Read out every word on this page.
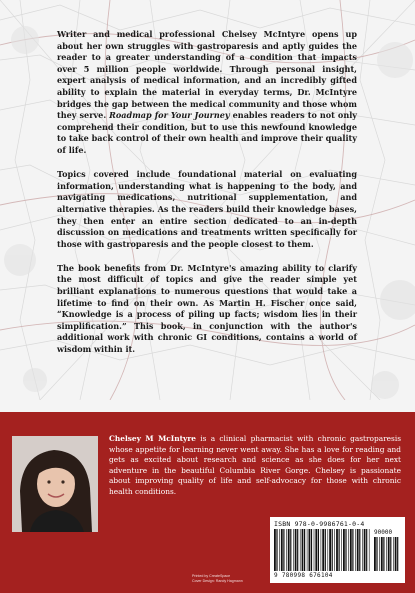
Writer and medical professional Chelsey McIntyre opens up about her own struggles with gastroparesis and aptly guides the reader to a greater understanding of a condition that impacts over 5 million people worldwide. Through personal insight, expert analysis of medical information, and an incredibly gifted ability to explain the material in everyday terms, Dr. McIntyre bridges the gap between the medical community and those whom they serve. Roadmap for Your Journey enables readers to not only comprehend their condition, but to use this newfound knowledge to take back control of their own health and improve their quality of life.

Topics covered include foundational material on evaluating information, understanding what is happening to the body, and navigating medications, nutritional supplementation, and alternative therapies. As the readers build their knowledge bases, they then enter an entire section dedicated to an in-depth discussion on medications and treatments written specifically for those with gastroparesis and the people closest to them.

The book benefits from Dr. McIntyre's amazing ability to clarify the most difficult of topics and give the reader simple yet brilliant explanations to numerous questions that would take a lifetime to find on their own. As Martin H. Fischer once said, “Knowledge is a process of piling up facts; wisdom lies in their simplification.” This book, in conjunction with the author's additional work with chronic GI conditions, contains a world of wisdom within it.

Chelsey M McIntyre is a clinical pharmacist with chronic gastroparesis whose appetite for learning never went away. She has a love for reading and gets as excited about research and science as she does for her next adventure in the beautiful Columbia River Gorge. Chelsey is passionate about improving quality of life and self-advocacy for those with chronic health conditions.
ISBN 978-0-9986761-0-4
90000
9 780998 676104
Printed by CreateSpace
Cover Design: Randy Hagmann
